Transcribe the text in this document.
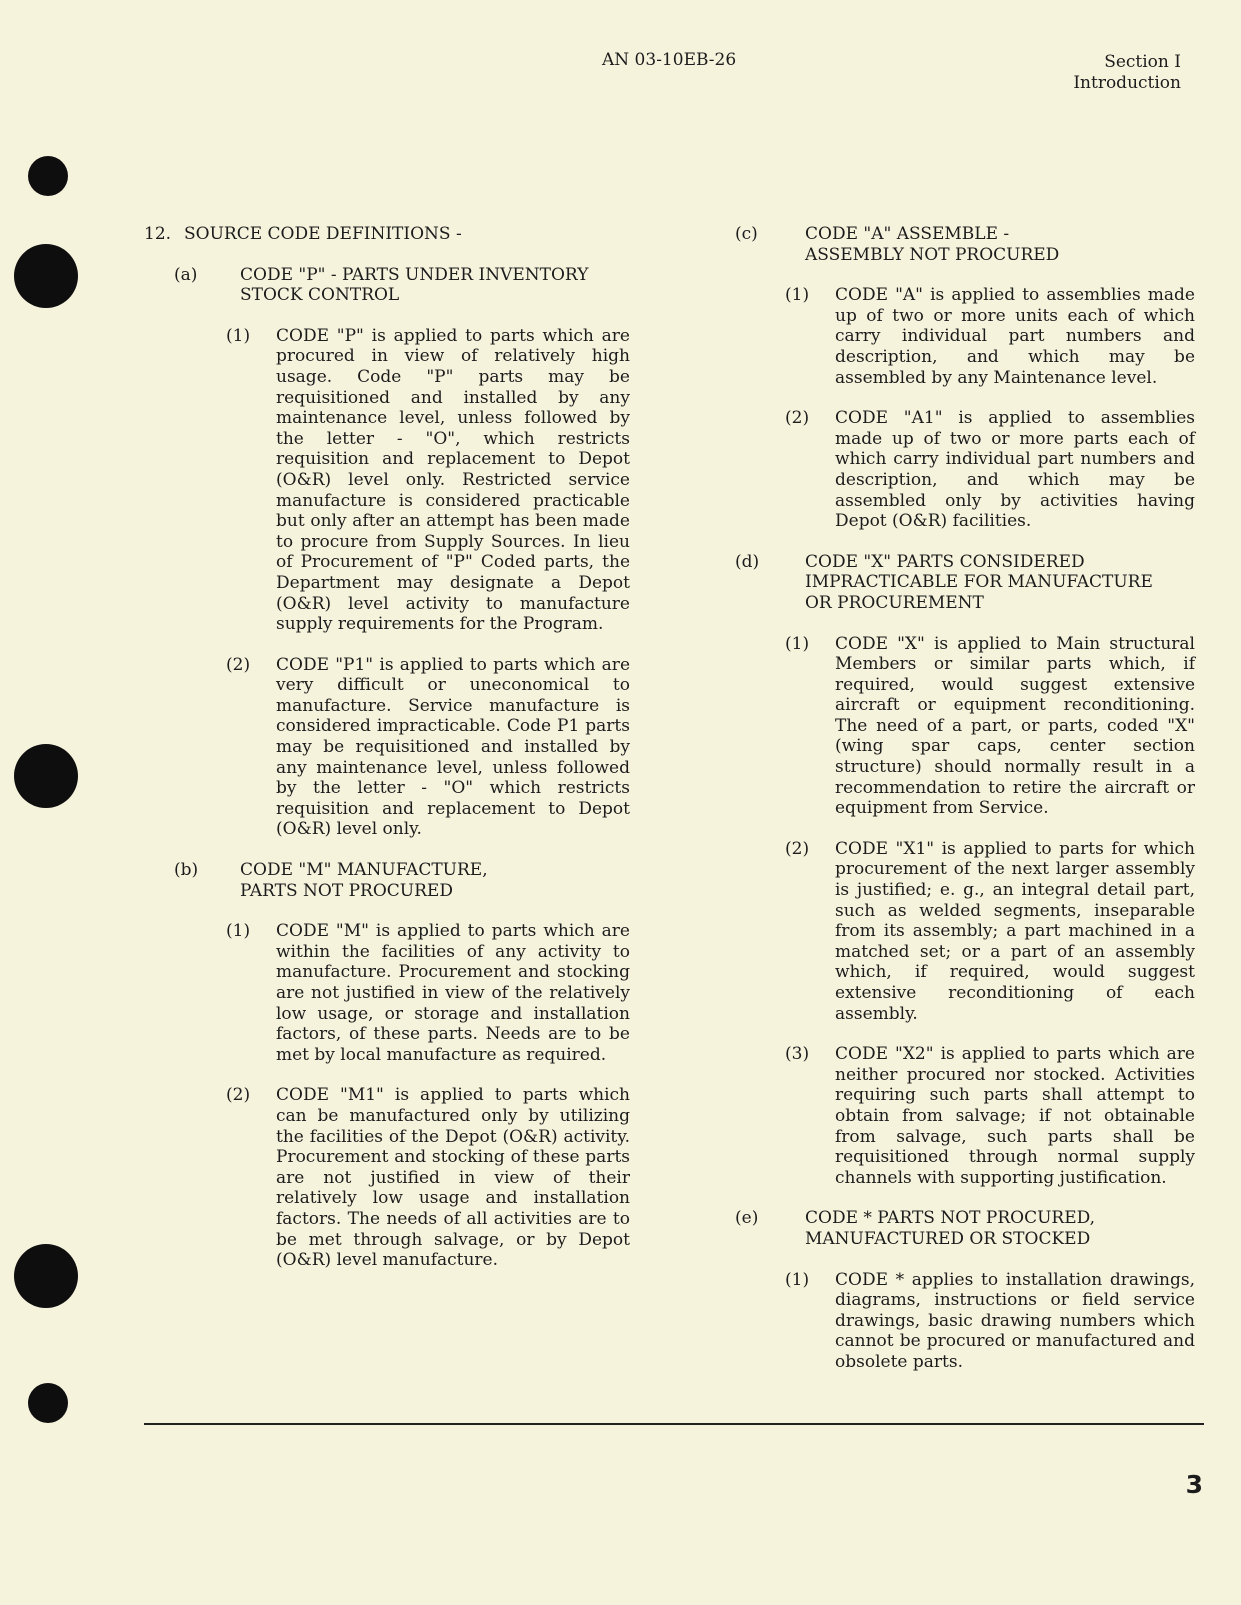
AN 03-10EB-26	Section I
Introduction
12. SOURCE CODE DEFINITIONS -
(a)	CODE "P" - PARTS UNDER INVENTORY
STOCK CONTROL
(1)	CODE "P" is applied to parts which are procured in view of relatively high usage. Code "P" parts may be requisitioned and installed by any maintenance level, unless followed by the letter - "O", which restricts requisition and replacement to Depot (O&R) level only. Restricted service manufacture is considered practicable but only after an attempt has been made to procure from Supply Sources. In lieu of Procurement of "P" Coded parts, the Department may designate a Depot (O&R) level activity to manufacture supply requirements for the Program.
(2)	CODE "P1" is applied to parts which are very difficult or uneconomical to manufacture. Service manufacture is considered impracticable. Code P1 parts may be requisitioned and installed by any maintenance level, unless followed by the letter - "O" which restricts requisition and replacement to Depot (O&R) level only.
(b)	CODE "M" MANUFACTURE,
PARTS NOT PROCURED
(1)	CODE "M" is applied to parts which are within the facilities of any activity to manufacture. Procurement and stocking are not justified in view of the relatively low usage, or storage and installation factors, of these parts. Needs are to be met by local manufacture as required.
(2)	CODE "M1" is applied to parts which can be manufactured only by utilizing the facilities of the Depot (O&R) activity. Procurement and stocking of these parts are not justified in view of their relatively low usage and installation factors. The needs of all activities are to be met through salvage, or by Depot (O&R) level manufacture.
(c)	CODE "A" ASSEMBLE -
ASSEMBLY NOT PROCURED
(1)	CODE "A" is applied to assemblies made up of two or more units each of which carry individual part numbers and description, and which may be assembled by any Maintenance level.
(2)	CODE "A1" is applied to assemblies made up of two or more parts each of which carry individual part numbers and description, and which may be assembled only by activities having Depot (O&R) facilities.
(d)	CODE "X" PARTS CONSIDERED
IMPRACTICABLE FOR MANUFACTURE
OR PROCUREMENT
(1)	CODE "X" is applied to Main structural Members or similar parts which, if required, would suggest extensive aircraft or equipment reconditioning. The need of a part, or parts, coded "X" (wing spar caps, center section structure) should normally result in a recommendation to retire the aircraft or equipment from Service.
(2)	CODE "X1" is applied to parts for which procurement of the next larger assembly is justified; e. g., an integral detail part, such as welded segments, inseparable from its assembly; a part machined in a matched set; or a part of an assembly which, if required, would suggest extensive reconditioning of each assembly.
(3)	CODE "X2" is applied to parts which are neither procured nor stocked. Activities requiring such parts shall attempt to obtain from salvage; if not obtainable from salvage, such parts shall be requisitioned through normal supply channels with supporting justification.
(e)	CODE * PARTS NOT PROCURED,
MANUFACTURED OR STOCKED
(1)	CODE * applies to installation drawings, diagrams, instructions or field service drawings, basic drawing numbers which cannot be procured or manufactured and obsolete parts.
3
